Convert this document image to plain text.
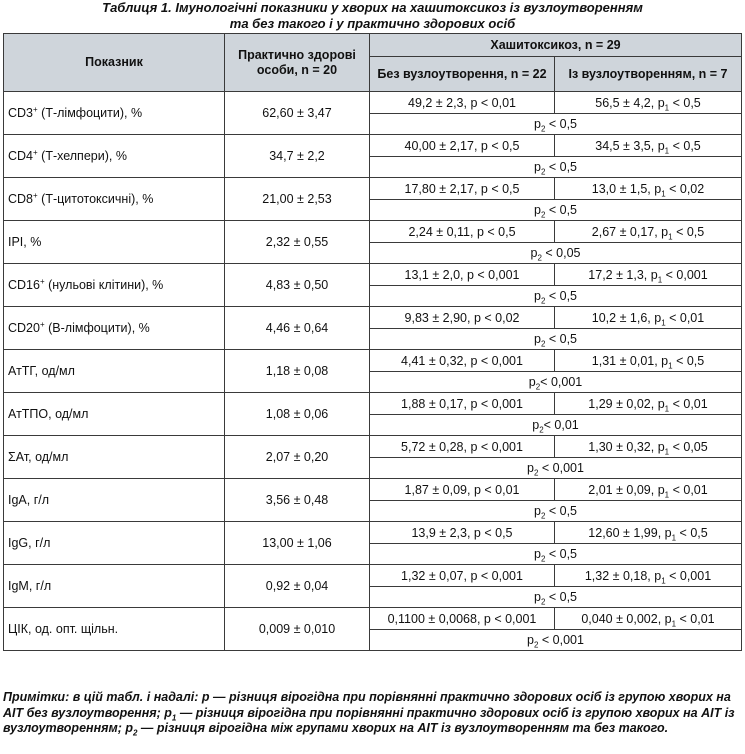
Таблиця 1. Імунологічні показники у хворих на хашитоксикоз із вузлоутворенням
та без такого і у практично здорових осіб
Показник	Практично здорові особи, n = 20	Хашитоксикоз, n = 29	
		Без вузлоутворення, n = 22	Із вузлоутворенням, n = 7
CD3+ (Т-лімфоцити), %	62,60 ± 3,47	49,2 ± 2,3, p < 0,01	56,5 ± 4,2, $p_1 < 0,5$
		$p_2 < 0,5$	
CD4+ (Т-хелпери), %	34,7 ± 2,2	40,00 ± 2,17, p < 0,5	34,5 ± 3,5, $p_1 < 0,5$
		$p_2 < 0,5$	
CD8+ (Т-цитотоксичні), %	21,00 ± 2,53	17,80 ± 2,17, p < 0,5	13,0 ± 1,5, $p_1 < 0,02$
		$p_2 < 0,5$	
IPI, %	2,32 ± 0,55	2,24 ± 0,11, p < 0,5	2,67 ± 0,17, $p_1 < 0,5$
		$p_2 < 0,05$	
CD16+ (нульові клітини), %	4,83 ± 0,50	13,1 ± 2,0, p < 0,001	17,2 ± 1,3, $p_1 < 0,001$
		$p_2 < 0,5$	
CD20+ (В-лімфоцити), %	4,46 ± 0,64	9,83 ± 2,90, p < 0,02	10,2 ± 1,6, $p_1 < 0,01$
		$p_2 < 0,5$	
АтТГ, од/мл	1,18 ± 0,08	4,41 ± 0,32, p < 0,001	1,31 ± 0,01, $p_1 < 0,5$
		$p_2< 0,001$	
АтТПО, од/мл	1,08 ± 0,06	1,88 ± 0,17, p < 0,001	1,29 ± 0,02, $p_1 < 0,01$
		$p_2< 0,01$	
ΣАт, од/мл	2,07 ± 0,20	5,72 ± 0,28, p < 0,001	1,30 ± 0,32, $p_1 < 0,05$
		$p_2 < 0,001$	
IgA, г/л	3,56 ± 0,48	1,87 ± 0,09, p < 0,01	2,01 ± 0,09, $p_1 < 0,01$
		$p_2 < 0,5$	
IgG, г/л	13,00 ± 1,06	13,9 ± 2,3, p < 0,5	12,60 ± 1,99, $p_1 < 0,5$
		$p_2 < 0,5$	
IgM, г/л	0,92 ± 0,04	1,32 ± 0,07, p < 0,001	1,32 ± 0,18, $p_1 < 0,001$
		$p_2 < 0,5$	
ЦІК, од. опт. щільн.	0,009 ± 0,010	0,1100 ± 0,0068, p < 0,001	0,040 ± 0,002, $p_1 < 0,01$
		$p_2 < 0,001$	
Примітки: в цій табл. і надалі: р — різниця вірогідна при порівнянні практично здорових осіб із групою хворих на АІТ без вузлоутворення; $p_1$ — різниця вірогідна при порівнянні практично здорових осіб із групою хворих на АІТ із вузлоутворенням; $p_2$ — різниця вірогідна між групами хворих на АІТ із вузлоутворенням та без такого.
